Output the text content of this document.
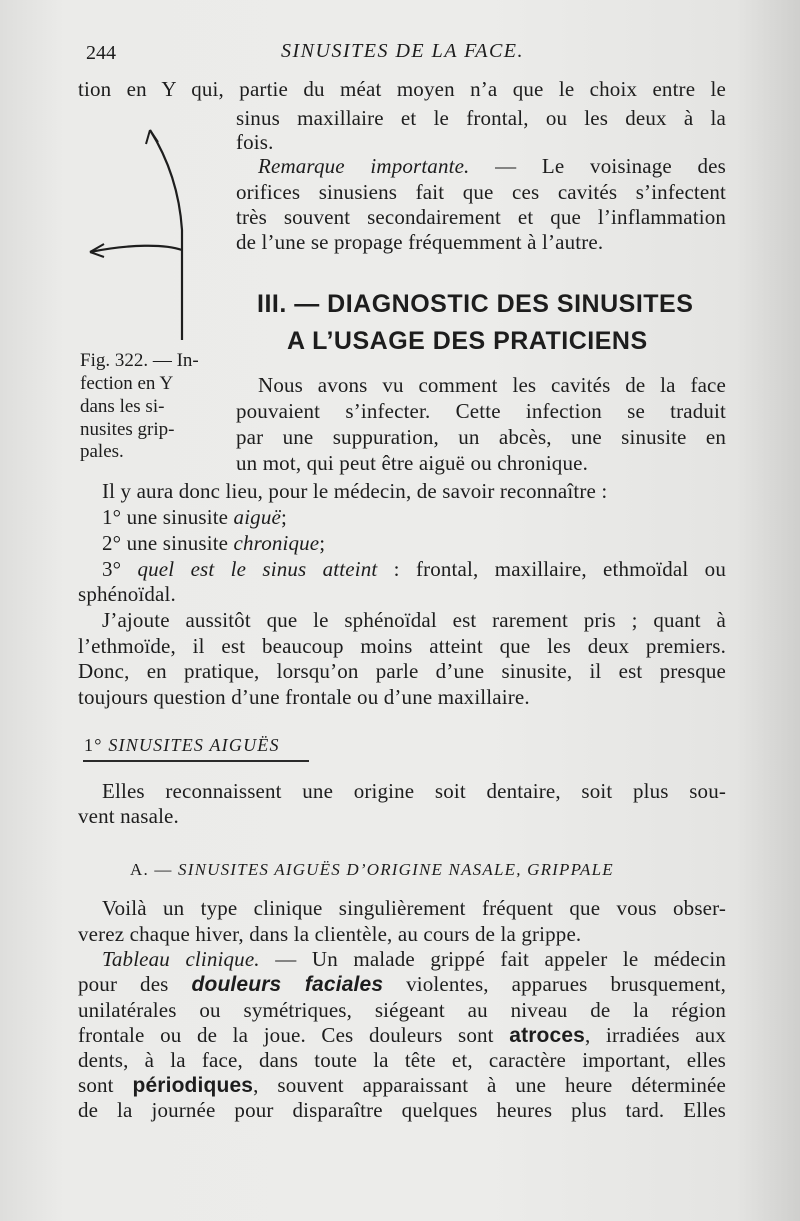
244	SINUSITES DE LA FACE.
Fig. 322. — In-
fection en Y
dans les si-
nusites grip-
pales.
tion en Y qui, partie du méat moyen n’a que le choix entre le
sinus maxillaire et le frontal, ou les deux à la
fois.
Remarque importante. — Le voisinage des
orifices sinusiens fait que ces cavités s’infectent
très souvent secondairement et que l’inflammation
de l’une se propage fréquemment à l’autre.
III. — DIAGNOSTIC DES SINUSITES
A L’USAGE DES PRATICIENS
Nous avons vu comment les cavités de la face
pouvaient s’infecter. Cette infection se traduit
par une suppuration, un abcès, une sinusite en
un mot, qui peut être aiguë ou chronique.
Il y aura donc lieu, pour le médecin, de savoir reconnaître :
1° une sinusite aiguë;
2° une sinusite chronique;
3° quel est le sinus atteint : frontal, maxillaire, ethmoïdal ou
sphénoïdal.
J’ajoute aussitôt que le sphénoïdal est rarement pris ; quant à
l’ethmoïde, il est beaucoup moins atteint que les deux premiers.
Donc, en pratique, lorsqu’on parle d’une sinusite, il est presque
toujours question d’une frontale ou d’une maxillaire.
1° SINUSITES AIGUËS
Elles reconnaissent une origine soit dentaire, soit plus sou-
vent nasale.
A. — SINUSITES AIGUËS D’ORIGINE NASALE, GRIPPALE
Voilà un type clinique singulièrement fréquent que vous obser-
verez chaque hiver, dans la clientèle, au cours de la grippe.
Tableau clinique. — Un malade grippé fait appeler le médecin
pour des douleurs faciales violentes, apparues brusquement,
unilatérales ou symétriques, siégeant au niveau de la région
frontale ou de la joue. Ces douleurs sont atroces, irradiées aux
dents, à la face, dans toute la tête et, caractère important, elles
sont périodiques, souvent apparaissant à une heure déterminée
de la journée pour disparaître quelques heures plus tard. Elles
